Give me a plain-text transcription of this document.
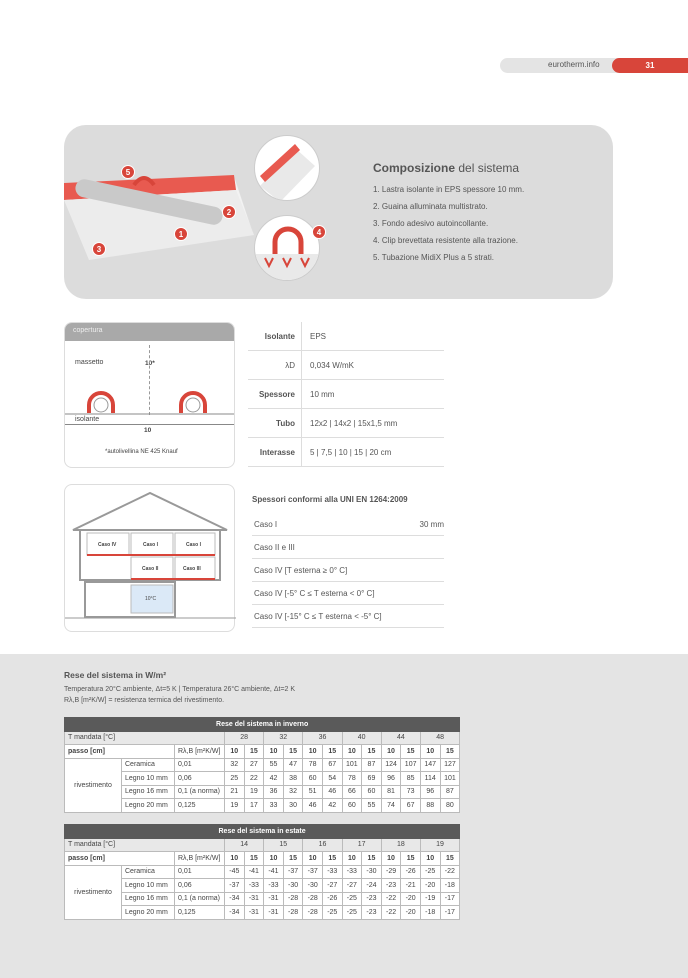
eurotherm.info	31
5
2
1
3
4
Composizione del sistema
1. Lastra isolante in EPS spessore 10 mm.
2. Guaina alluminata multistrato.
3. Fondo adesivo autoincollante.
4. Clip brevettata resistente alla trazione.
5. Tubazione MidiX Plus a 5 strati.
copertura
massetto	10*
isolante
10
*autolivellina NE 425 Knauf
Isolante	EPS
λD	0,034 W/mK
Spessore	10 mm
Tubo	12x2 | 14x2 | 15x1,5 mm
Interasse	5 | 7,5 | 10 | 15 | 20 cm
Caso IV	Caso I	Caso I
Caso II	Caso III
10°C
Spessori conformi alla UNI EN 1264:2009
Caso I	30 mm
Caso II e III
Caso IV [T esterna ≥ 0° C]
Caso IV [-5° C ≤ T esterna < 0° C]
Caso IV [-15° C ≤ T esterna < -5° C]
Rese del sistema in W/m²
Temperatura 20°C ambiente, Δt=5 K | Temperatura 26°C ambiente, Δt=2 K
Rλ,B [m²K/W] = resistenza termica del rivestimento.
Rese del sistema in inverno														
T mandata [°C]			28		32		36		40		44		48	
passo [cm]		Rλ,B [m²K/W]	10	15	10	15	10	15	10	15	10	15	10	15
rivestimento	Ceramica	0,01	32	27	55	47	78	67	101	87	124	107	147	127
	Legno 10 mm	0,06	25	22	42	38	60	54	78	69	96	85	114	101
	Legno 16 mm	0,1 (a norma)	21	19	36	32	51	46	66	60	81	73	96	87
	Legno 20 mm	0,125	19	17	33	30	46	42	60	55	74	67	88	80
Rese del sistema in estate														
T mandata [°C]			14		15		16		17		18		19	
passo [cm]		Rλ,B [m²K/W]	10	15	10	15	10	15	10	15	10	15	10	15
rivestimento	Ceramica	0,01	-45	-41	-41	-37	-37	-33	-33	-30	-29	-26	-25	-22
	Legno 10 mm	0,06	-37	-33	-33	-30	-30	-27	-27	-24	-23	-21	-20	-18
	Legno 16 mm	0,1 (a norma)	-34	-31	-31	-28	-28	-26	-25	-23	-22	-20	-19	-17
	Legno 20 mm	0,125	-34	-31	-31	-28	-28	-25	-25	-23	-22	-20	-18	-17
